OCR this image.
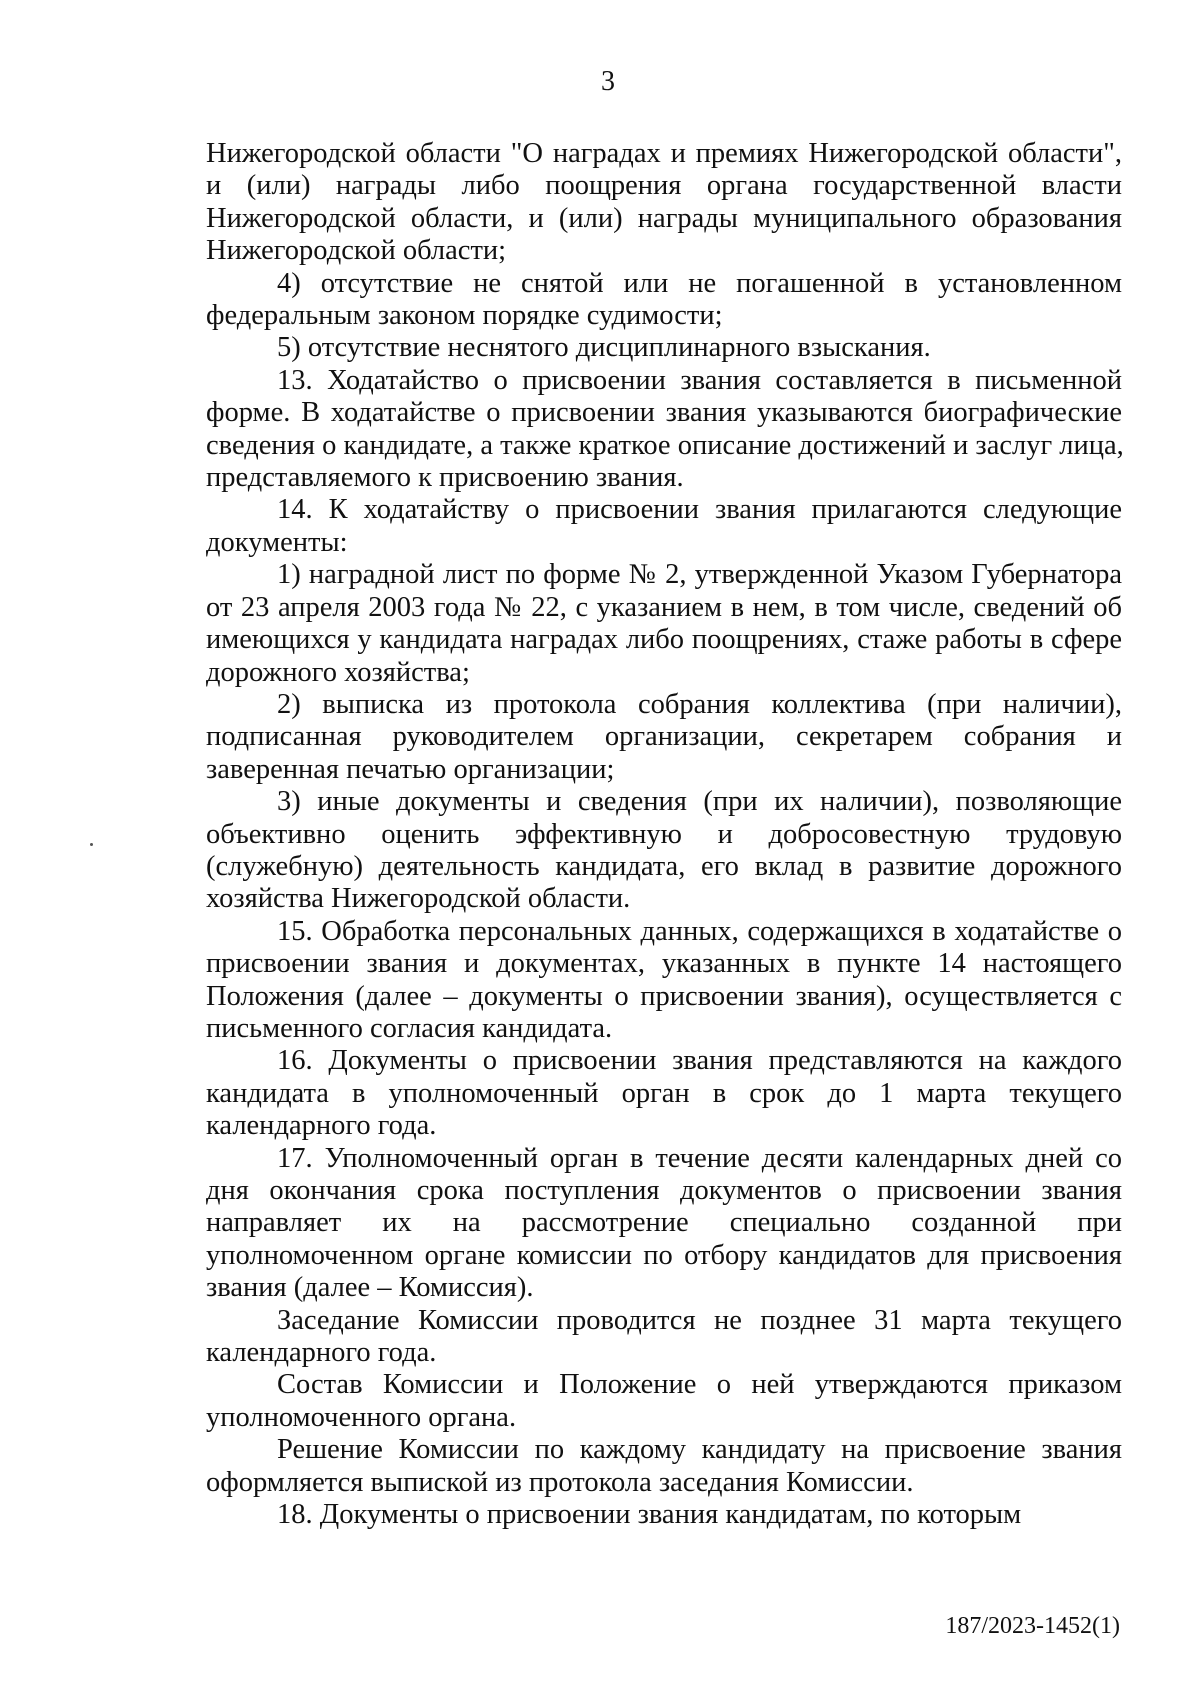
3
Нижегородской области "О наградах и премиях Нижегородской области",
и (или) награды либо поощрения органа государственной власти
Нижегородской области, и (или) награды муниципального образования
Нижегородской области;
4) отсутствие не снятой или не погашенной в установленном
федеральным законом порядке судимости;
5) отсутствие неснятого дисциплинарного взыскания.
13. Ходатайство о присвоении звания составляется в письменной
форме. В ходатайстве о присвоении звания указываются биографические
сведения о кандидате, а также краткое описание достижений и заслуг лица,
представляемого к присвоению звания.
14. К ходатайству о присвоении звания прилагаются следующие
документы:
1) наградной лист по форме № 2, утвержденной Указом Губернатора
от 23 апреля 2003 года № 22, с указанием в нем, в том числе, сведений об
имеющихся у кандидата наградах либо поощрениях, стаже работы в сфере
дорожного хозяйства;
2) выписка из протокола собрания коллектива (при наличии),
подписанная руководителем организации, секретарем собрания и
заверенная печатью организации;
3) иные документы и сведения (при их наличии), позволяющие
объективно оценить эффективную и добросовестную трудовую
(служебную) деятельность кандидата, его вклад в развитие дорожного
хозяйства Нижегородской области.
15. Обработка персональных данных, содержащихся в ходатайстве о
присвоении звания и документах, указанных в пункте 14 настоящего
Положения (далее – документы о присвоении звания), осуществляется с
письменного согласия кандидата.
16. Документы о присвоении звания представляются на каждого
кандидата в уполномоченный орган в срок до 1 марта текущего
календарного года.
17. Уполномоченный орган в течение десяти календарных дней со
дня окончания срока поступления документов о присвоении звания
направляет их на рассмотрение специально созданной при
уполномоченном органе комиссии по отбору кандидатов для присвоения
звания (далее – Комиссия).
Заседание Комиссии проводится не позднее 31 марта текущего
календарного года.
Состав Комиссии и Положение о ней утверждаются приказом
уполномоченного органа.
Решение Комиссии по каждому кандидату на присвоение звания
оформляется выпиской из протокола заседания Комиссии.
18. Документы о присвоении звания кандидатам, по которым
187/2023-1452(1)
